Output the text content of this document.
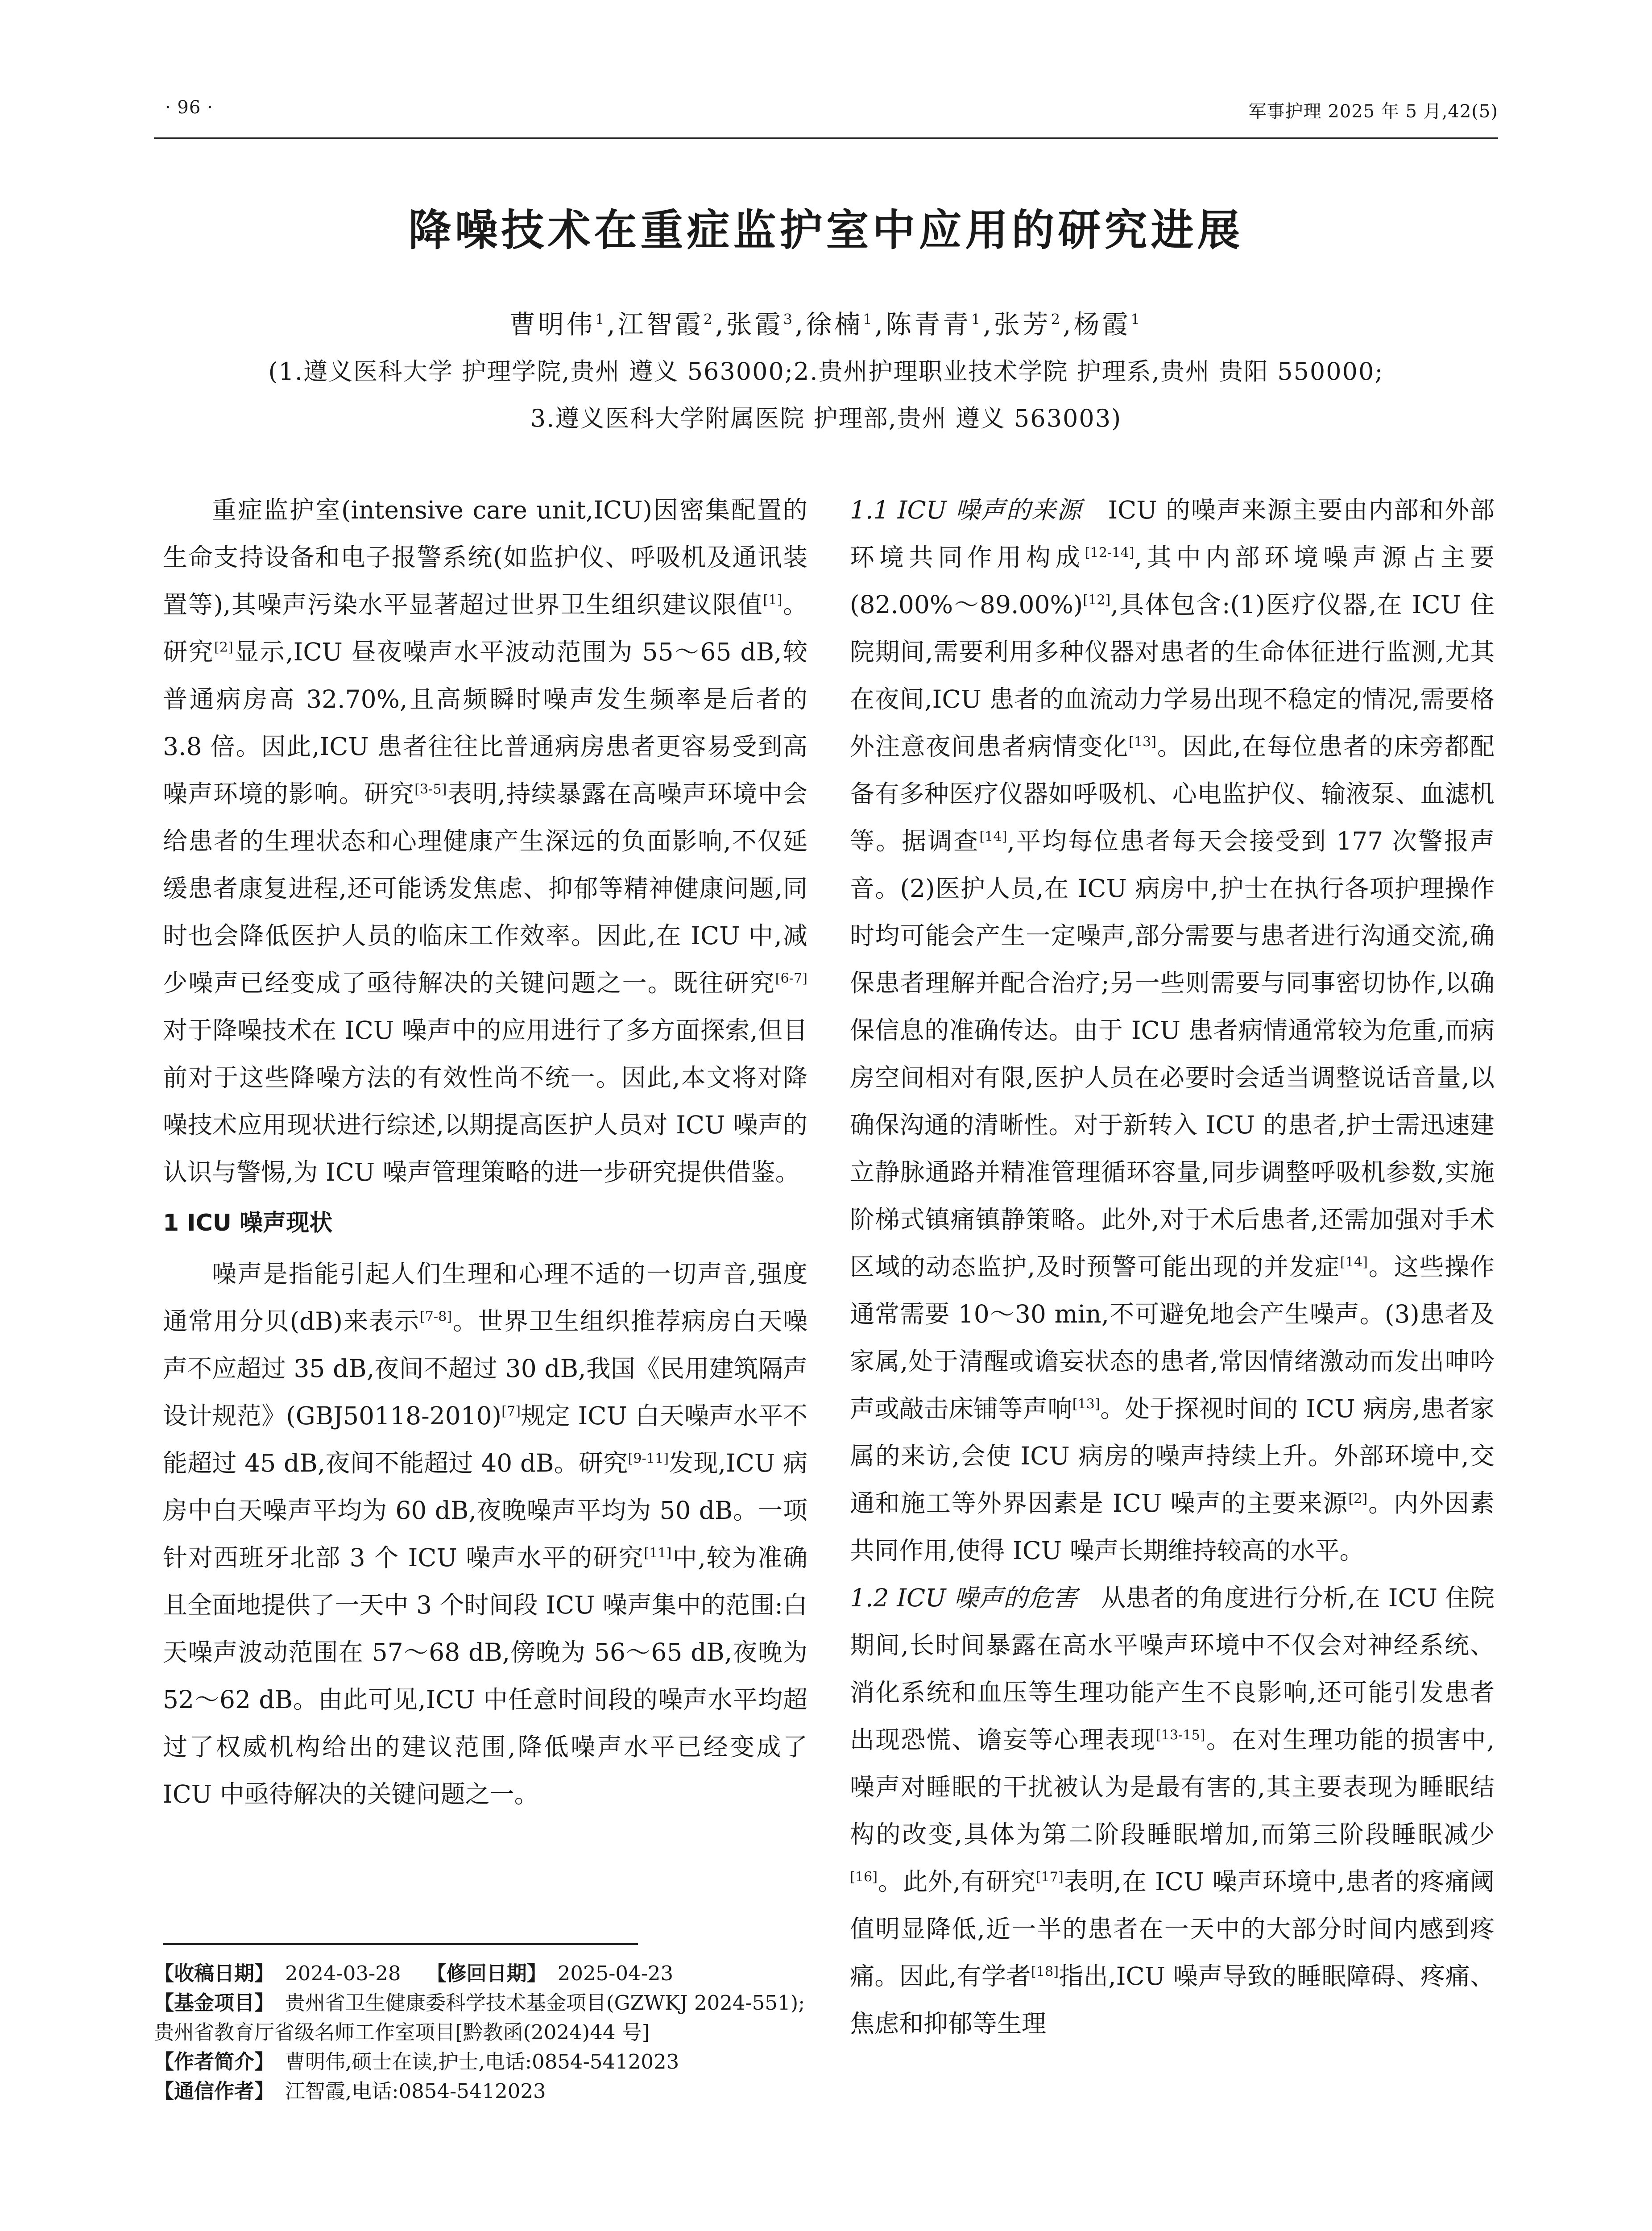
· 96 ·	军事护理 2025 年 5 月,42(5)
降噪技术在重症监护室中应用的研究进展
曹明伟$^1$,江智霞$^2$,张霞$^3$,徐楠$^1$,陈青青$^1$,张芳$^2$,杨霞$^1$
(1.遵义医科大学 护理学院,贵州 遵义 563000;2.贵州护理职业技术学院 护理系,贵州 贵阳 550000;
3.遵义医科大学附属医院 护理部,贵州 遵义 563003)

重症监护室(intensive care unit,ICU)因密集配置的生命支持设备和电子报警系统(如监护仪、呼吸机及通讯装置等),其噪声污染水平显著超过世界卫生组织建议限值[1]。研究[2]显示,ICU 昼夜噪声水平波动范围为 55～65 dB,较普通病房高 32.70%,且高频瞬时噪声发生频率是后者的 3.8 倍。因此,ICU 患者往往比普通病房患者更容易受到高噪声环境的影响。研究[3-5]表明,持续暴露在高噪声环境中会给患者的生理状态和心理健康产生深远的负面影响,不仅延缓患者康复进程,还可能诱发焦虑、抑郁等精神健康问题,同时也会降低医护人员的临床工作效率。因此,在 ICU 中,减少噪声已经变成了亟待解决的关键问题之一。既往研究[6-7]对于降噪技术在 ICU 噪声中的应用进行了多方面探索,但目前对于这些降噪方法的有效性尚不统一。因此,本文将对降噪技术应用现状进行综述,以期提高医护人员对 ICU 噪声的认识与警惕,为 ICU 噪声管理策略的进一步研究提供借鉴。

1 ICU 噪声现状

噪声是指能引起人们生理和心理不适的一切声音,强度通常用分贝(dB)来表示[7-8]。世界卫生组织推荐病房白天噪声不应超过 35 dB,夜间不超过 30 dB,我国《民用建筑隔声设计规范》(GBJ50118-2010)[7]规定 ICU 白天噪声水平不能超过 45 dB,夜间不能超过 40 dB。研究[9-11]发现,ICU 病房中白天噪声平均为 60 dB,夜晚噪声平均为 50 dB。一项针对西班牙北部 3 个 ICU 噪声水平的研究[11]中,较为准确且全面地提供了一天中 3 个时间段 ICU 噪声集中的范围:白天噪声波动范围在 57～68 dB,傍晚为 56～65 dB,夜晚为 52～62 dB。由此可见,ICU 中任意时间段的噪声水平均超过了权威机构给出的建议范围,降低噪声水平已经变成了 ICU 中亟待解决的关键问题之一。

【收稿日期】 2024-03-28 【修回日期】 2025-04-23
【基金项目】 贵州省卫生健康委科学技术基金项目(GZWKJ 2024-551);贵州省教育厅省级名师工作室项目[黔教函(2024)44 号]
【作者简介】 曹明伟,硕士在读,护士,电话:0854-5412023
【通信作者】 江智霞,电话:0854-5412023

1.1 ICU 噪声的来源 ICU 的噪声来源主要由内部和外部环境共同作用构成[12-14],其中内部环境噪声源占主要(82.00%～89.00%)[12],具体包含:(1)医疗仪器,在 ICU 住院期间,需要利用多种仪器对患者的生命体征进行监测,尤其在夜间,ICU 患者的血流动力学易出现不稳定的情况,需要格外注意夜间患者病情变化[13]。因此,在每位患者的床旁都配备有多种医疗仪器如呼吸机、心电监护仪、输液泵、血滤机等。据调查[14],平均每位患者每天会接受到 177 次警报声音。(2)医护人员,在 ICU 病房中,护士在执行各项护理操作时均可能会产生一定噪声,部分需要与患者进行沟通交流,确保患者理解并配合治疗;另一些则需要与同事密切协作,以确保信息的准确传达。由于 ICU 患者病情通常较为危重,而病房空间相对有限,医护人员在必要时会适当调整说话音量,以确保沟通的清晰性。对于新转入 ICU 的患者,护士需迅速建立静脉通路并精准管理循环容量,同步调整呼吸机参数,实施阶梯式镇痛镇静策略。此外,对于术后患者,还需加强对手术区域的动态监护,及时预警可能出现的并发症[14]。这些操作通常需要 10～30 min,不可避免地会产生噪声。(3)患者及家属,处于清醒或谵妄状态的患者,常因情绪激动而发出呻吟声或敲击床铺等声响[13]。处于探视时间的 ICU 病房,患者家属的来访,会使 ICU 病房的噪声持续上升。外部环境中,交通和施工等外界因素是 ICU 噪声的主要来源[2]。内外因素共同作用,使得 ICU 噪声长期维持较高的水平。

1.2 ICU 噪声的危害 从患者的角度进行分析,在 ICU 住院期间,长时间暴露在高水平噪声环境中不仅会对神经系统、消化系统和血压等生理功能产生不良影响,还可能引发患者出现恐慌、谵妄等心理表现[13-15]。在对生理功能的损害中,噪声对睡眠的干扰被认为是最有害的,其主要表现为睡眠结构的改变,具体为第二阶段睡眠增加,而第三阶段睡眠减少[16]。此外,有研究[17]表明,在 ICU 噪声环境中,患者的疼痛阈值明显降低,近一半的患者在一天中的大部分时间内感到疼痛。因此,有学者[18]指出,ICU 噪声导致的睡眠障碍、疼痛、焦虑和抑郁等生理
